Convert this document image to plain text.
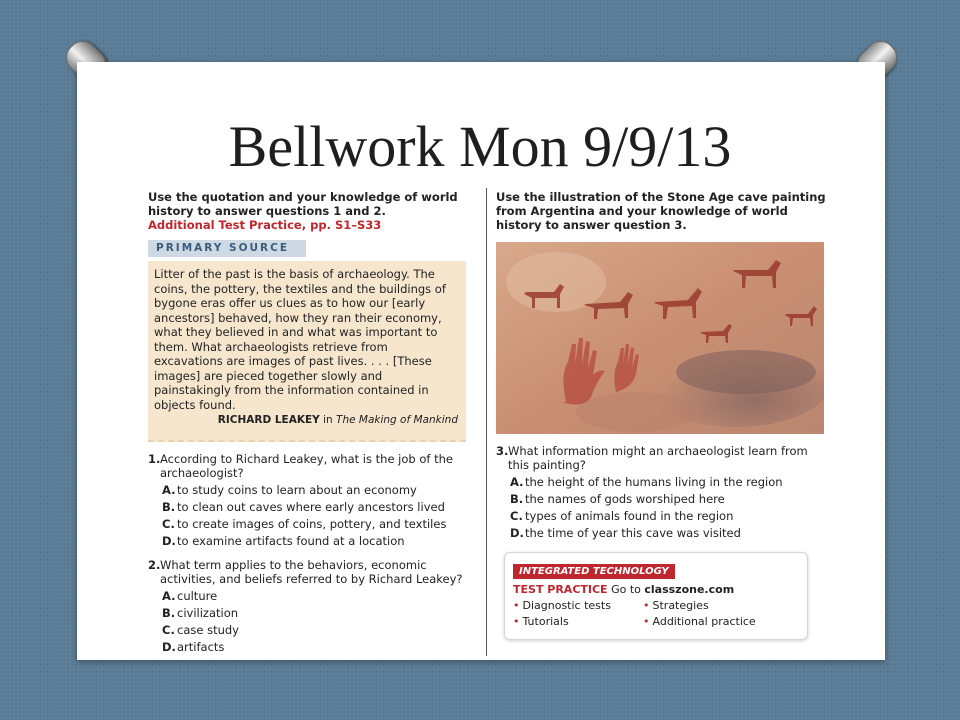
Bellwork Mon 9/9/13

Use the quotation and your knowledge of world history to answer questions 1 and 2.
Additional Test Practice, pp. S1–S33

PRIMARY SOURCE
Litter of the past is the basis of archaeology. The coins, the pottery, the textiles and the buildings of bygone eras offer us clues as to how our [early ancestors] behaved, how they ran their economy, what they believed in and what was important to them. What archaeologists retrieve from excavations are images of past lives. . . . [These images] are pieced together slowly and painstakingly from the information contained in objects found.
RICHARD LEAKEY in The Making of Mankind
1. According to Richard Leakey, what is the job of the archaeologist?
A. to study coins to learn about an economy
B. to clean out caves where early ancestors lived
C. to create images of coins, pottery, and textiles
D.to examine artifacts found at a location
2. What term applies to the behaviors, economic activities, and beliefs referred to by Richard Leakey?
A. culture
B. civilization
C. case study
D.artifacts

Use the illustration of the Stone Age cave painting from Argentina and your knowledge of world history to answer question 3.

3. What information might an archaeologist learn from this painting?
A. the height of the humans living in the region
B. the names of gods worshiped here
C. types of animals found in the region
D.the time of year this cave was visited
INTEGRATED TECHNOLOGY
TEST PRACTICE Go to classzone.com
• Diagnostic tests	• Strategies
• Tutorials	• Additional practice
